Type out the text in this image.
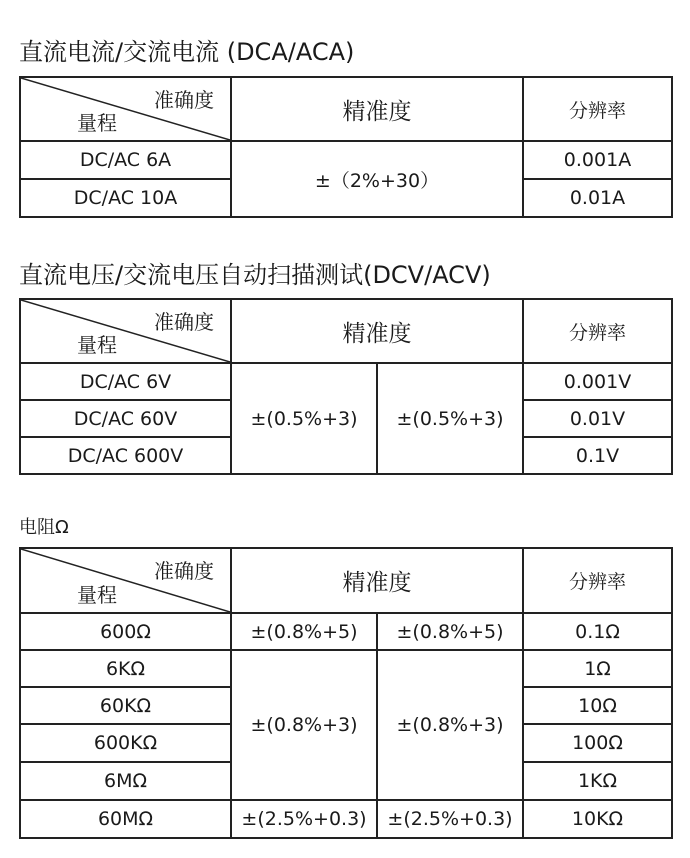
直流电流/交流电流 (DCA/ACA)
准确度
量程	精准度	分辨率
DC/AC 6A	±（2%+30）	0.001A
DC/AC 10A		0.01A
直流电压/交流电压自动扫描测试(DCV/ACV)
准确度
量程	精准度		分辨率
DC/AC 6V	±(0.5%+3)	±(0.5%+3)	0.001V
DC/AC 60V			0.01V
DC/AC 600V			0.1V
电阻Ω
准确度
量程	精准度		分辨率
600Ω	±(0.8%+5)	±(0.8%+5)	0.1Ω
6KΩ	±(0.8%+3)	±(0.8%+3)	1Ω
60KΩ			10Ω
600KΩ			100Ω
6MΩ			1KΩ
60MΩ	±(2.5%+0.3)	±(2.5%+0.3)	10KΩ
